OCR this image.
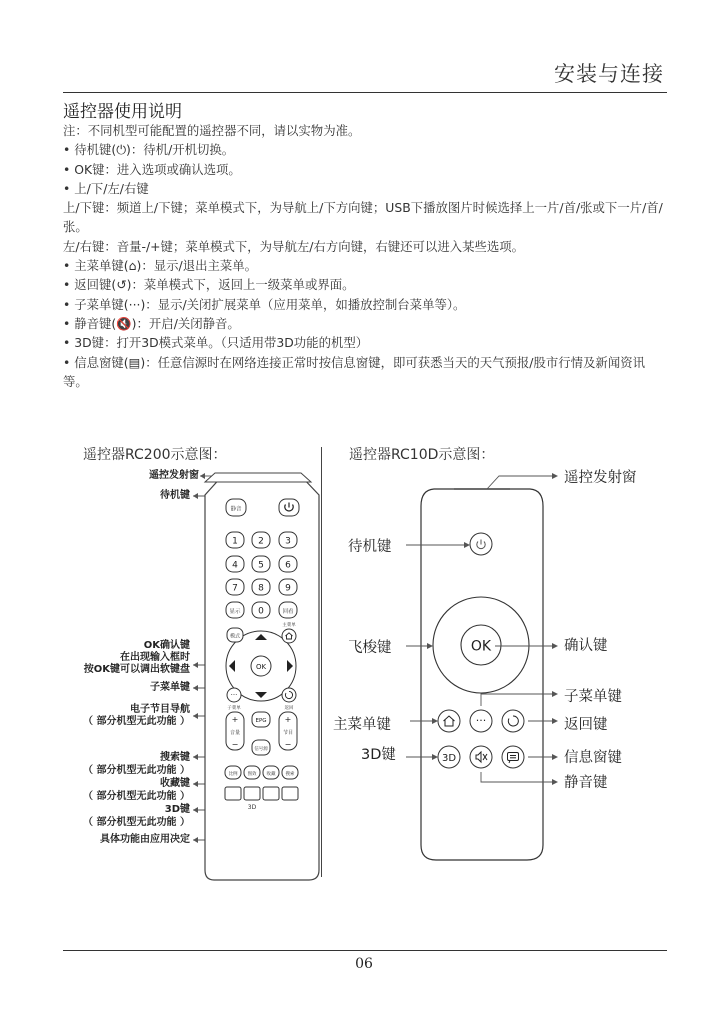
安装与连接
遥控器使用说明
注：不同机型可能配置的遥控器不同，请以实物为准。
• 待机键(⏻)：待机/开机切换。
• OK键：进入选项或确认选项。
• 上/下/左/右键
上/下键：频道上/下键；菜单模式下，为导航上/下方向键；USB下播放图片时候选择上一片/首/张或下一片/首/张。
左/右键：音量-/+键；菜单模式下，为导航左/右方向键，右键还可以进入某些选项。
• 主菜单键(⌂)：显示/退出主菜单。
• 返回键(↺)：菜单模式下，返回上一级菜单或界面。
• 子菜单键(···)：显示/关闭扩展菜单（应用菜单，如播放控制台菜单等）。
• 静音键(🔇)：开启/关闭静音。
• 3D键：打开3D模式菜单。（只适用带3D功能的机型）
• 信息窗键(▤)：任意信源时在网络连接正常时按信息窗键，即可获悉当天的天气预报/股市行情及新闻资讯等。
遥控器RC200示意图：	遥控器RC10D示意图：
遥控发射窗
待机键
OK确认键
在出现输入框时
按OK键可以调出软键盘
子菜单键
电子节目导航
（ 部分机型无此功能 ）
搜索键
（ 部分机型无此功能 ）
收藏键
（ 部分机型无此功能 ）
3D键
（ 部分机型无此功能 ）
具体功能由应用决定
静音
1 2 3
4 5 6
7 8 9
0
显示	回看
OK
模式
主菜单
···
子菜单	返回
+
音量
−
+
节目
−
EPG
信号源
比例 图效 收藏 搜索
3D
遥控发射窗
待机键
飞梭键	确认键
子菜单键
主菜单键	返回键
3D键	信息窗键
静音键
OK
···
3D
06
